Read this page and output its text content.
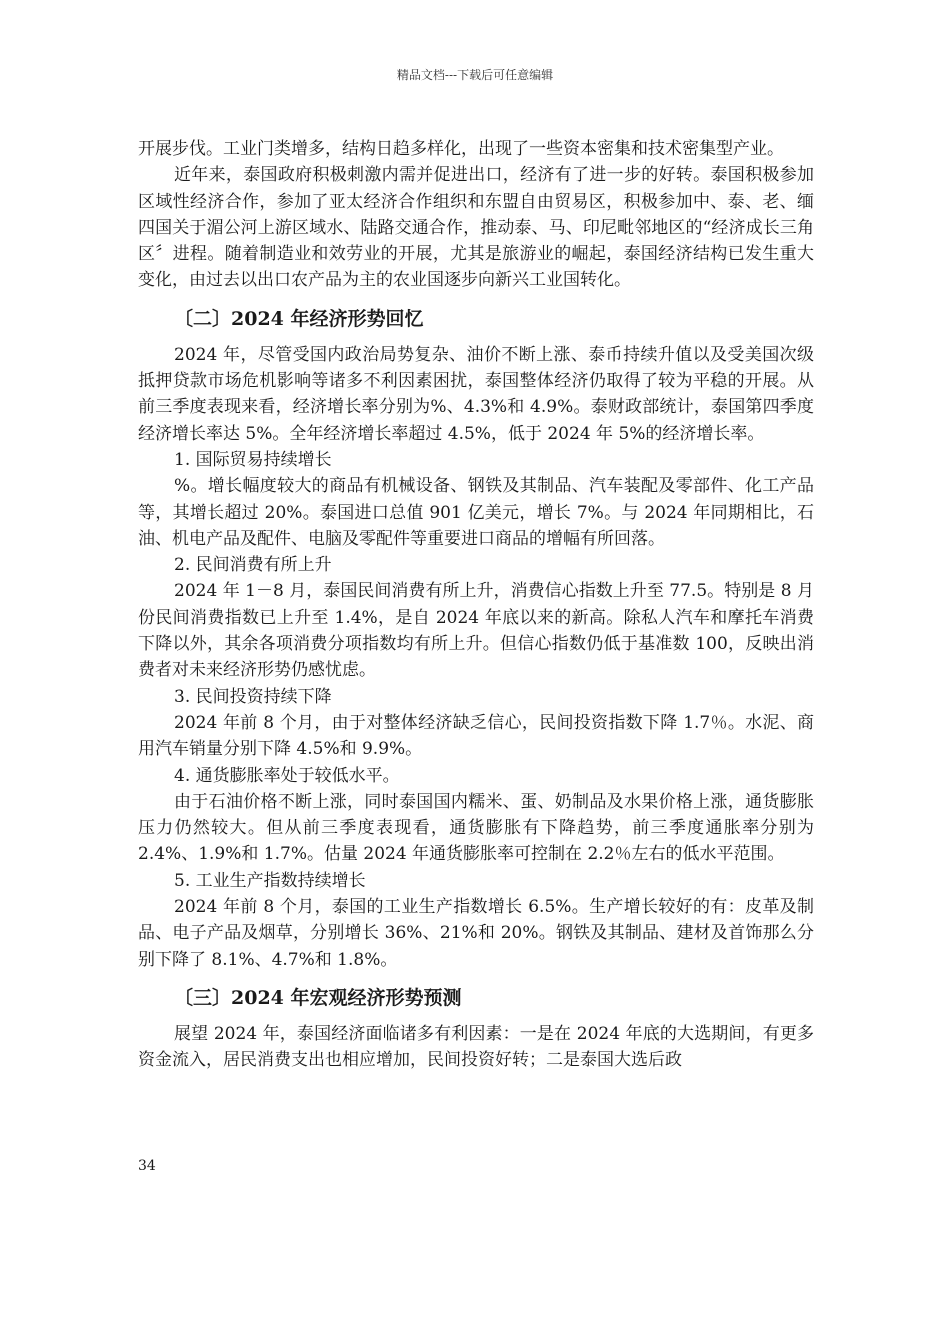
精品文档---下载后可任意编辑

开展步伐。工业门类增多，结构日趋多样化，出现了一些资本密集和技术密集型产业。

近年来，泰国政府积极刺激内需并促进出口，经济有了进一步的好转。泰国积极参加区域性经济合作，参加了亚太经济合作组织和东盟自由贸易区，积极参加中、泰、老、缅四国关于湄公河上游区域水、陆路交通合作，推动泰、马、印尼毗邻地区的“经济成长三角区〞进程。随着制造业和效劳业的开展，尤其是旅游业的崛起，泰国经济结构已发生重大变化，由过去以出口农产品为主的农业国逐步向新兴工业国转化。

〔二〕2024 年经济形势回忆

2024 年，尽管受国内政治局势复杂、油价不断上涨、泰币持续升值以及受美国次级抵押贷款市场危机影响等诸多不利因素困扰，泰国整体经济仍取得了较为平稳的开展。从前三季度表现来看，经济增长率分别为%、4.3%和 4.9%。泰财政部统计，泰国第四季度经济增长率达 5%。全年经济增长率超过 4.5%，低于 2024 年 5%的经济增长率。

1. 国际贸易持续增长

%。增长幅度较大的商品有机械设备、钢铁及其制品、汽车装配及零部件、化工产品等，其增长超过 20%。泰国进口总值 901 亿美元，增长 7%。与 2024 年同期相比，石油、机电产品及配件、电脑及零配件等重要进口商品的增幅有所回落。

2. 民间消费有所上升

2024 年 1－8 月，泰国民间消费有所上升，消费信心指数上升至 77.5。特别是 8 月份民间消费指数已上升至 1.4%，是自 2024 年底以来的新高。除私人汽车和摩托车消费下降以外，其余各项消费分项指数均有所上升。但信心指数仍低于基准数 100，反映出消费者对未来经济形势仍感忧虑。

3. 民间投资持续下降

2024 年前 8 个月，由于对整体经济缺乏信心，民间投资指数下降 1.7％。水泥、商用汽车销量分别下降 4.5%和 9.9%。

4. 通货膨胀率处于较低水平。

由于石油价格不断上涨，同时泰国国内糯米、蛋、奶制品及水果价格上涨，通货膨胀压力仍然较大。但从前三季度表现看，通货膨胀有下降趋势，前三季度通胀率分别为 2.4%、1.9%和 1.7%。估量 2024 年通货膨胀率可控制在 2.2％左右的低水平范围。

5. 工业生产指数持续增长

2024 年前 8 个月，泰国的工业生产指数增长 6.5%。生产增长较好的有：皮革及制品、电子产品及烟草，分别增长 36%、21%和 20%。钢铁及其制品、建材及首饰那么分别下降了 8.1%、4.7%和 1.8%。

〔三〕2024 年宏观经济形势预测

展望 2024 年，泰国经济面临诸多有利因素：一是在 2024 年底的大选期间，有更多资金流入，居民消费支出也相应增加，民间投资好转；二是泰国大选后政

34
